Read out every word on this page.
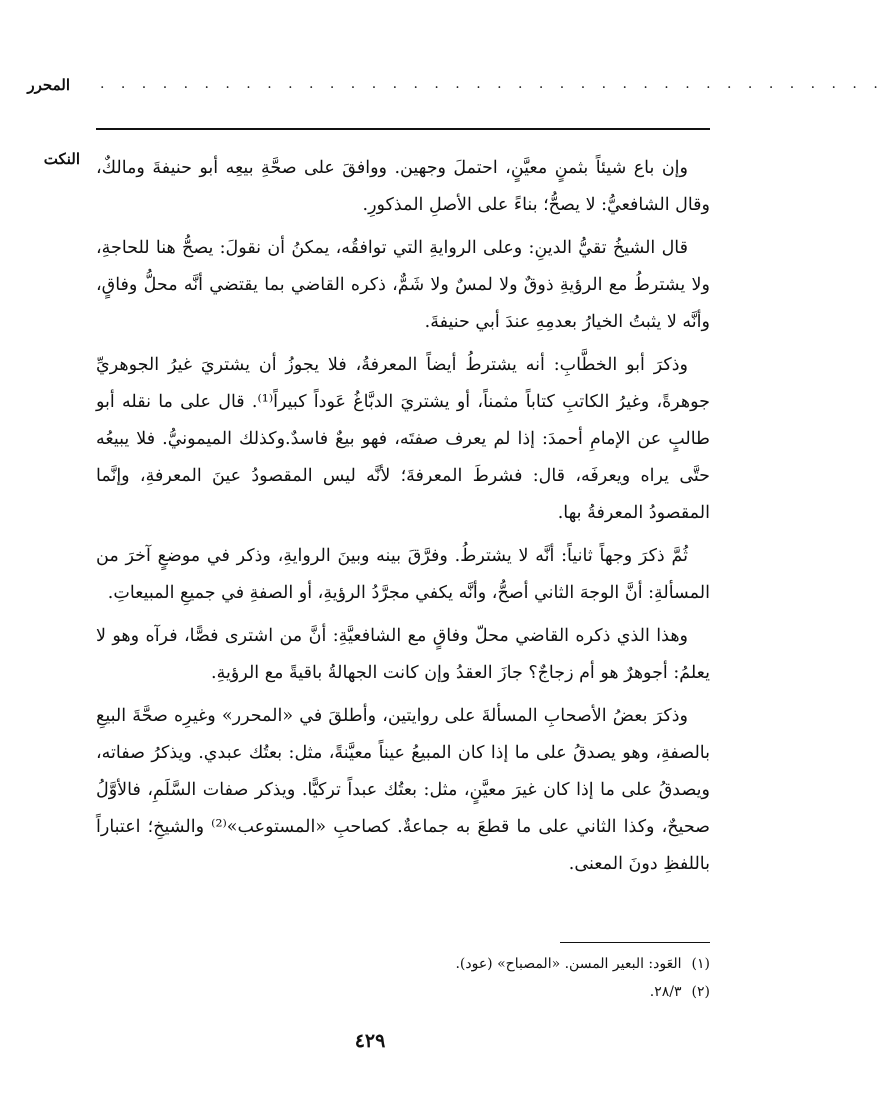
. . . . . . . . . . . . . . . . . . . . . . . . . . . . . . . . . . . . . .
المحرر
النكت وإن باع شيئاً بثمنٍ معيَّنٍ، احتملَ وجهين. ووافقَ على صحَّةِ بيعِه أبو حنيفةَ ومالكٌ، وقال الشافعيُّ: لا يصحُّ؛ بناءً على الأصلِ المذكورِ.

قال الشيخُ تقيُّ الدينِ: وعلى الروايةِ التي توافقُه، يمكنُ أن نقولَ: يصحُّ هنا للحاجةِ، ولا يشترطُ مع الرؤيةِ ذوقٌ ولا لمسٌ ولا شَمٌّ، ذكره القاضي بما يقتضي أنَّه محلُّ وفاقٍ، وأنَّه لا يثبتُ الخيارُ بعدمِهِ عندَ أبي حنيفةَ.

وذكرَ أبو الخطَّابِ: أنه يشترطُ أيضاً المعرفةُ، فلا يجوزُ أن يشتريَ غيرُ الجوهريِّ جوهرةً، وغيرُ الكاتبِ كتاباً مثمناً، أو يشتريَ الدبَّاغُ عَوداً كبيراً⁽¹⁾. قال على ما نقله أبو طالبٍ عن الإمامِ أحمدَ: إذا لم يعرف صفتَه، فهو بيعٌ فاسدٌ.وكذلك الميمونيُّ. فلا يبيعُه حتَّى يراه ويعرفَه، قال: فشرطَ المعرفةَ؛ لأنَّه ليس المقصودُ عينَ المعرفةِ، وإنَّما المقصودُ المعرفةُ بها.

ثُمَّ ذكرَ وجهاً ثانياً: أنَّه لا يشترطُ. وفرَّقَ بينه وبينَ الروايةِ، وذكر في موضعٍ آخرَ من المسألةِ: أنَّ الوجهَ الثاني أصحُّ، وأنَّه يكفي مجرَّدُ الرؤيةِ، أو الصفةِ في جميعِ المبيعاتِ.

وهذا الذي ذكره القاضي محلّ وفاقٍ مع الشافعيَّةِ: أنَّ من اشترى فصًّا، فرآه وهو لا يعلمُ: أجوهرٌ هو أم زجاجٌ؟ جازَ العقدُ وإن كانت الجهالةُ باقيةً مع الرؤيةِ.

وذكرَ بعضُ الأصحابِ المسألةَ على روايتين، وأطلقَ في «المحرر» وغيرِه صحَّةَ البيعِ بالصفةِ، وهو يصدقُ على ما إذا كان المبيعُ عيناً معيَّنةً، مثل: بعتُك عبدي. ويذكرُ صفاته، ويصدقُ على ما إذا كان غيرَ معيَّنٍ، مثل: بعتُك عبداً تركيًّا. ويذكر صفات السَّلَمِ، فالأوَّلُ صحيحٌ، وكذا الثاني على ما قطعَ به جماعةٌ. كصاحبِ «المستوعب»⁽²⁾ والشيخِ؛ اعتباراً باللفظِ دونَ المعنى.

(١)العَود: البعير المسن. «المصباح» (عود).
(٢)٢٨/٣.
٤٢٩
